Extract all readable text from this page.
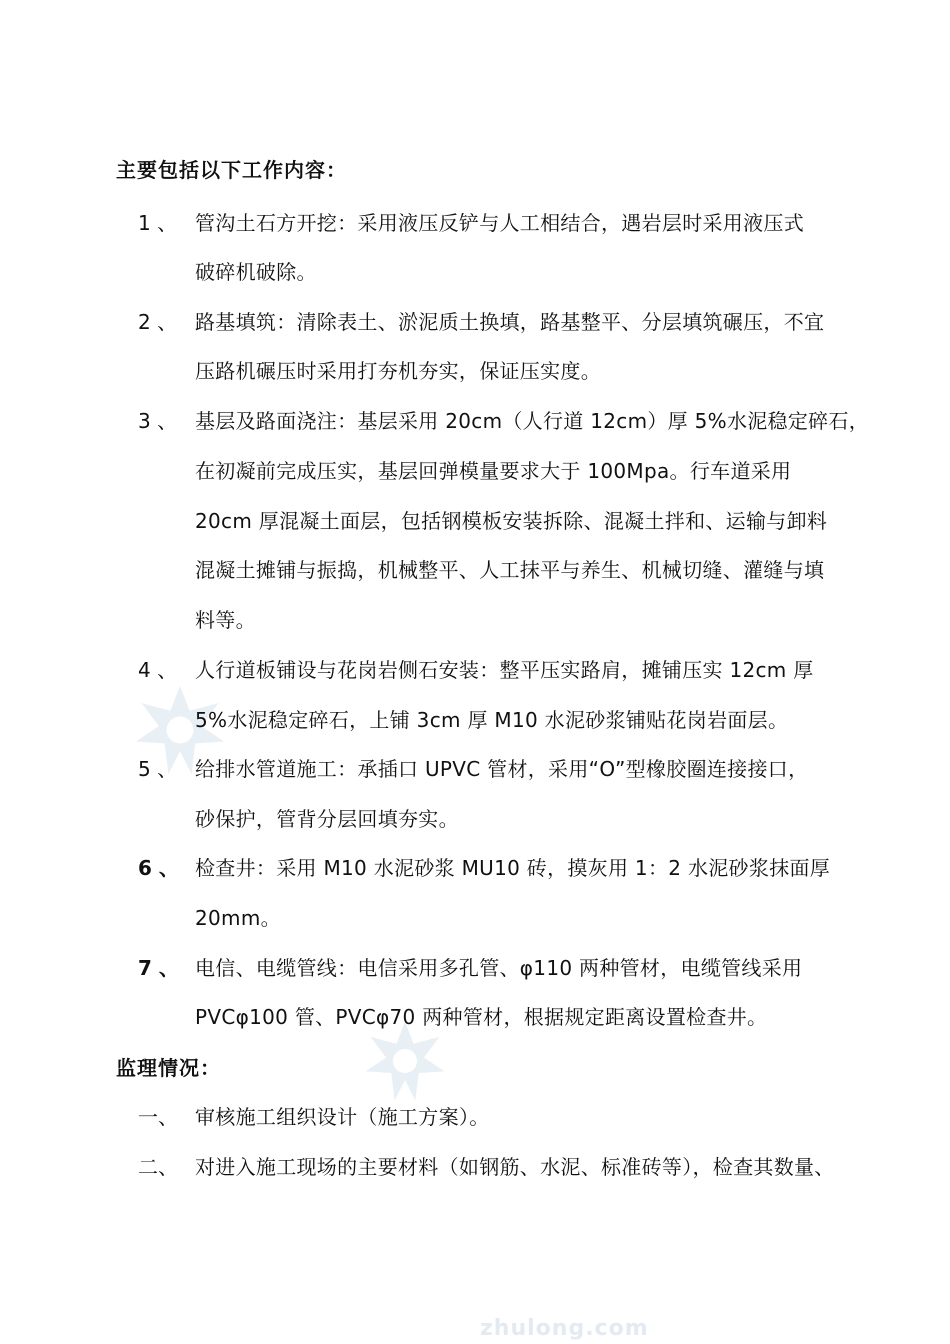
zhulong.com
主要包括以下工作内容：
1 、 管沟土石方开挖：采用液压反铲与人工相结合，遇岩层时采用液压式
破碎机破除。
2 、 路基填筑：清除表土、淤泥质土换填，路基整平、分层填筑碾压，不宜
压路机碾压时采用打夯机夯实，保证压实度。
3 、 基层及路面浇注：基层采用 20cm（人行道 12cm）厚 5%水泥稳定碎石，
在初凝前完成压实，基层回弹模量要求大于 100Mpa。行车道采用
20cm 厚混凝土面层，包括钢模板安装拆除、混凝土拌和、运输与卸料
混凝土摊铺与振捣，机械整平、人工抹平与养生、机械切缝、灌缝与填
料等。
4 、 人行道板铺设与花岗岩侧石安装：整平压实路肩，摊铺压实 12cm 厚
5%水泥稳定碎石，上铺 3cm 厚 M10 水泥砂浆铺贴花岗岩面层。
5 、 给排水管道施工：承插口 UPVC 管材，采用“O”型橡胶圈连接接口，
砂保护，管背分层回填夯实。
6 、 检查井：采用 M10 水泥砂浆 MU10 砖，摸灰用 1：2 水泥砂浆抹面厚
20mm。
7 、 电信、电缆管线：电信采用多孔管、φ110 两种管材，电缆管线采用
PVCφ100 管、PVCφ70 两种管材，根据规定距离设置检查井。
监理情况：
一、 审核施工组织设计（施工方案）。
二、 对进入施工现场的主要材料（如钢筋、水泥、标准砖等），检查其数量、
